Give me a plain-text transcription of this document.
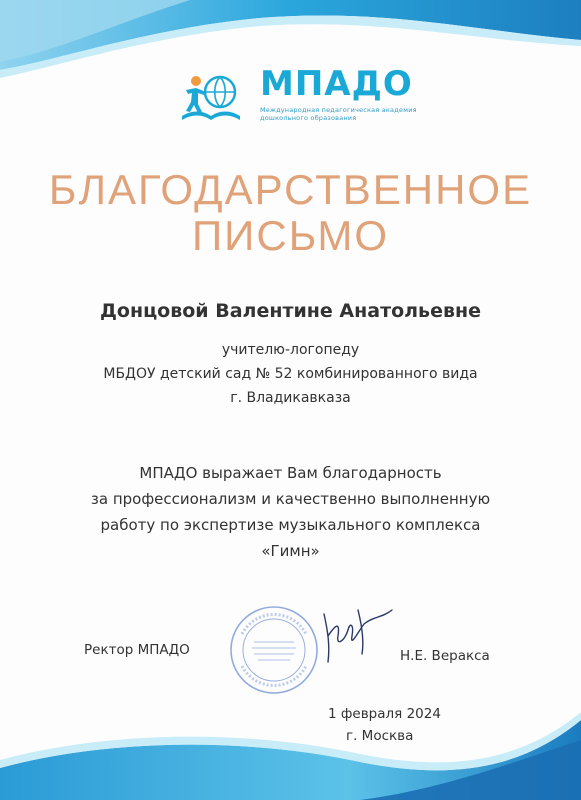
МПАДО
Международная педагогическая академия дошкольного образования
БЛАГОДАРСТВЕННОЕ
ПИСЬМО
Донцовой Валентине Анатольевне
учителю-логопеду
МБДОУ детский сад № 52 комбинированного вида
г. Владикавказа
МПАДО выражает Вам благодарность
за профессионализм и качественно выполненную
работу по экспертизе музыкального комплекса
«Гимн»
Ректор МПАДО	Н.Е. Веракса
1 февраля 2024
г. Москва
